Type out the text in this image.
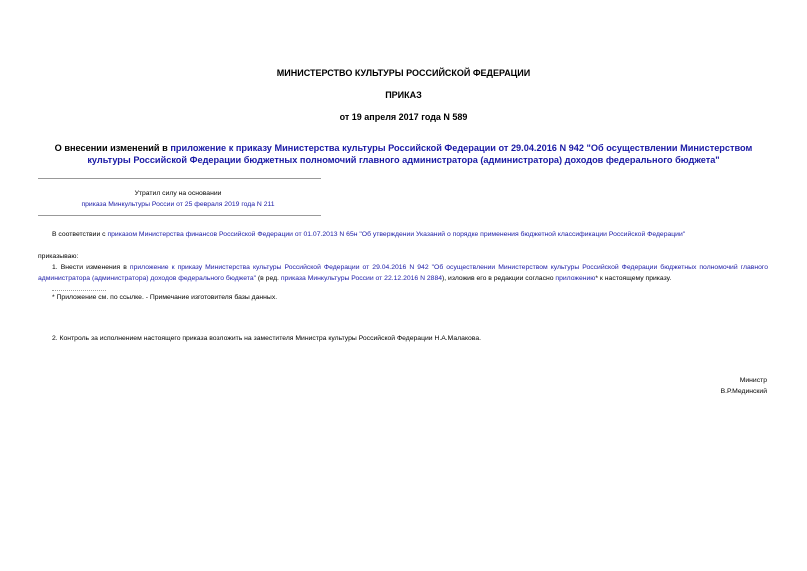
МИНИСТЕРСТВО КУЛЬТУРЫ РОССИЙСКОЙ ФЕДЕРАЦИИ
ПРИКАЗ
от 19 апреля 2017 года N 589
О внесении изменений в приложение к приказу Министерства культуры Российской Федерации от 29.04.2016 N 942 "Об осуществлении Министерством культуры Российской Федерации бюджетных полномочий главного администратора (администратора) доходов федерального бюджета"
Утратил силу на основании
приказа Минкультуры России от 25 февраля 2019 года N 211
В соответствии с приказом Министерства финансов Российской Федерации от 01.07.2013 N 65н "Об утверждении Указаний о порядке применения бюджетной классификации Российской Федерации"
приказываю:
1. Внести изменения в приложение к приказу Министерства культуры Российской Федерации от 29.04.2016 N 942 "Об осуществлении Министерством культуры Российской Федерации бюджетных полномочий главного администратора (администратора) доходов федерального бюджета" (в ред. приказа Минкультуры России от 22.12.2016 N 2884), изложив его в редакции согласно приложению* к настоящему приказу.
* Приложение см. по ссылке. - Примечание изготовителя базы данных.
2. Контроль за исполнением настоящего приказа возложить на заместителя Министра культуры Российской Федерации Н.А.Малакова.
Министр
В.Р.Мединский
